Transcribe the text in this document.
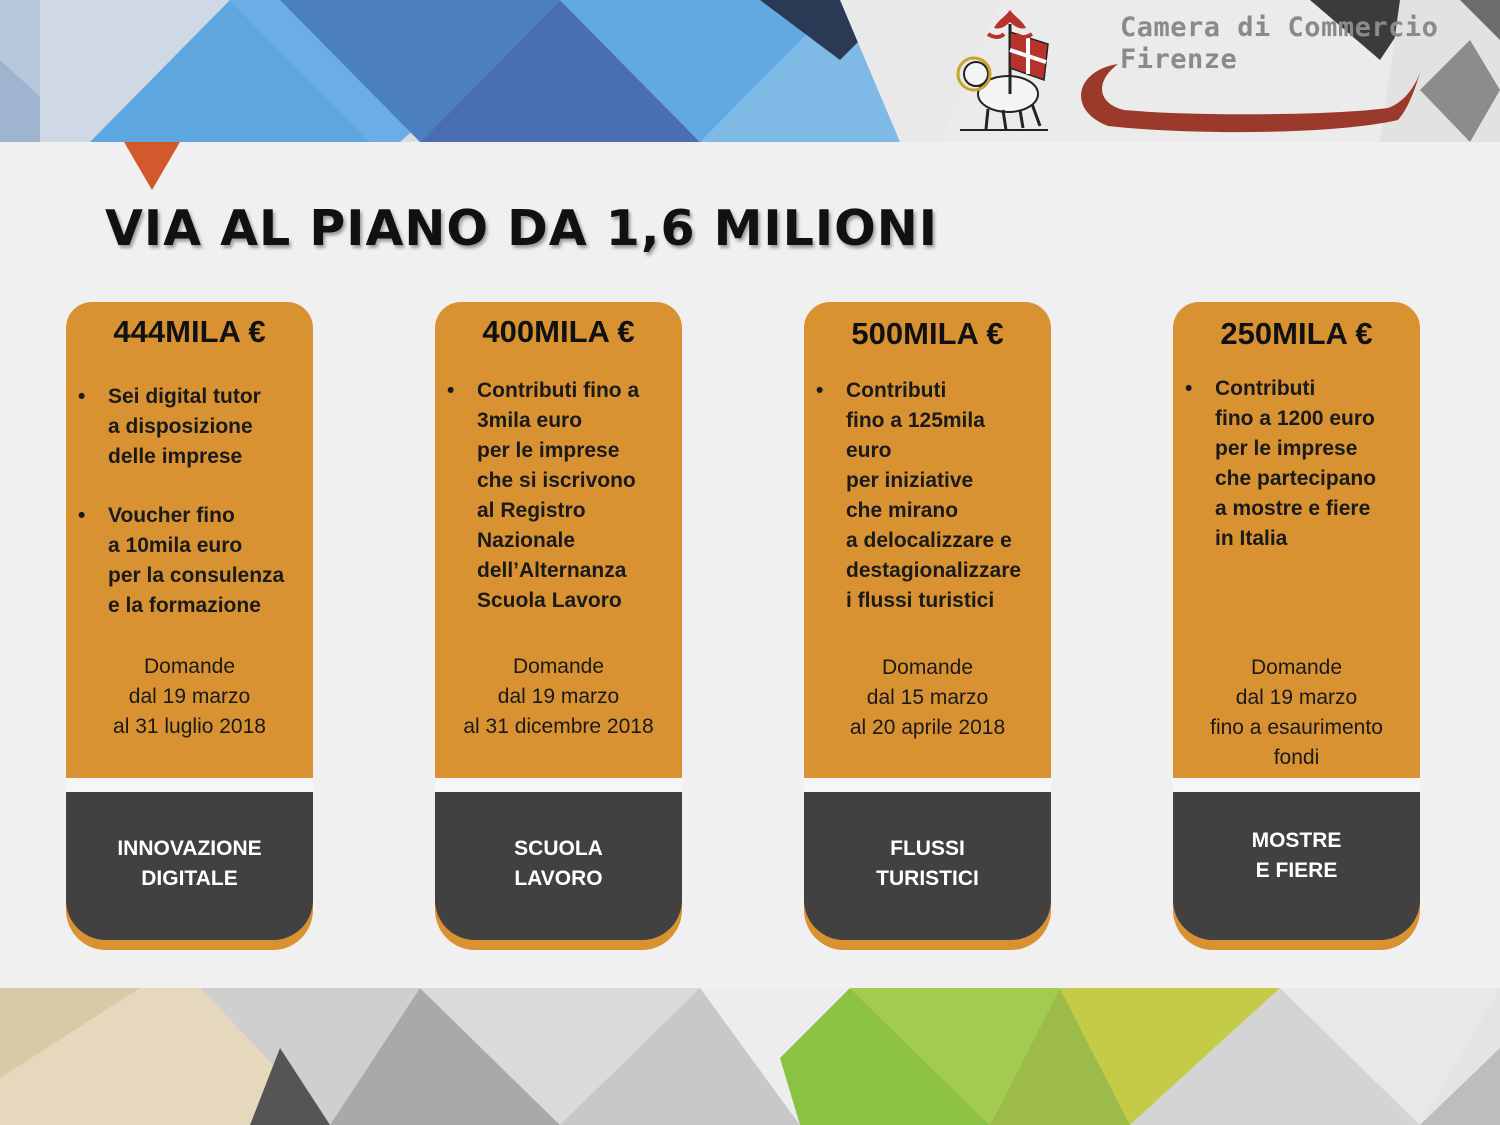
Camera di Commercio
Firenze
VIA AL PIANO DA 1,6 MILIONI
444MILA €
• Sei digital tutor
a disposizione
delle imprese
• Voucher fino
a 10mila euro
per la consulenza
e la formazione
Domande
dal 19 marzo
al 31 luglio 2018
INNOVAZIONE
DIGITALE
400MILA €
• Contributi fino a
3mila euro
per le imprese
che si iscrivono
al Registro
Nazionale
dell’Alternanza
Scuola Lavoro
Domande
dal 19 marzo
al 31 dicembre 2018
SCUOLA
LAVORO
500MILA €
• Contributi
fino a 125mila
euro
per iniziative
che mirano
a delocalizzare e
destagionalizzare
i flussi turistici
Domande
dal 15 marzo
al 20 aprile 2018
FLUSSI
TURISTICI
250MILA €
• Contributi
fino a 1200 euro
per le imprese
che partecipano
a mostre e fiere
in Italia
Domande
dal 19 marzo
fino a esaurimento
fondi
MOSTRE
E FIERE
